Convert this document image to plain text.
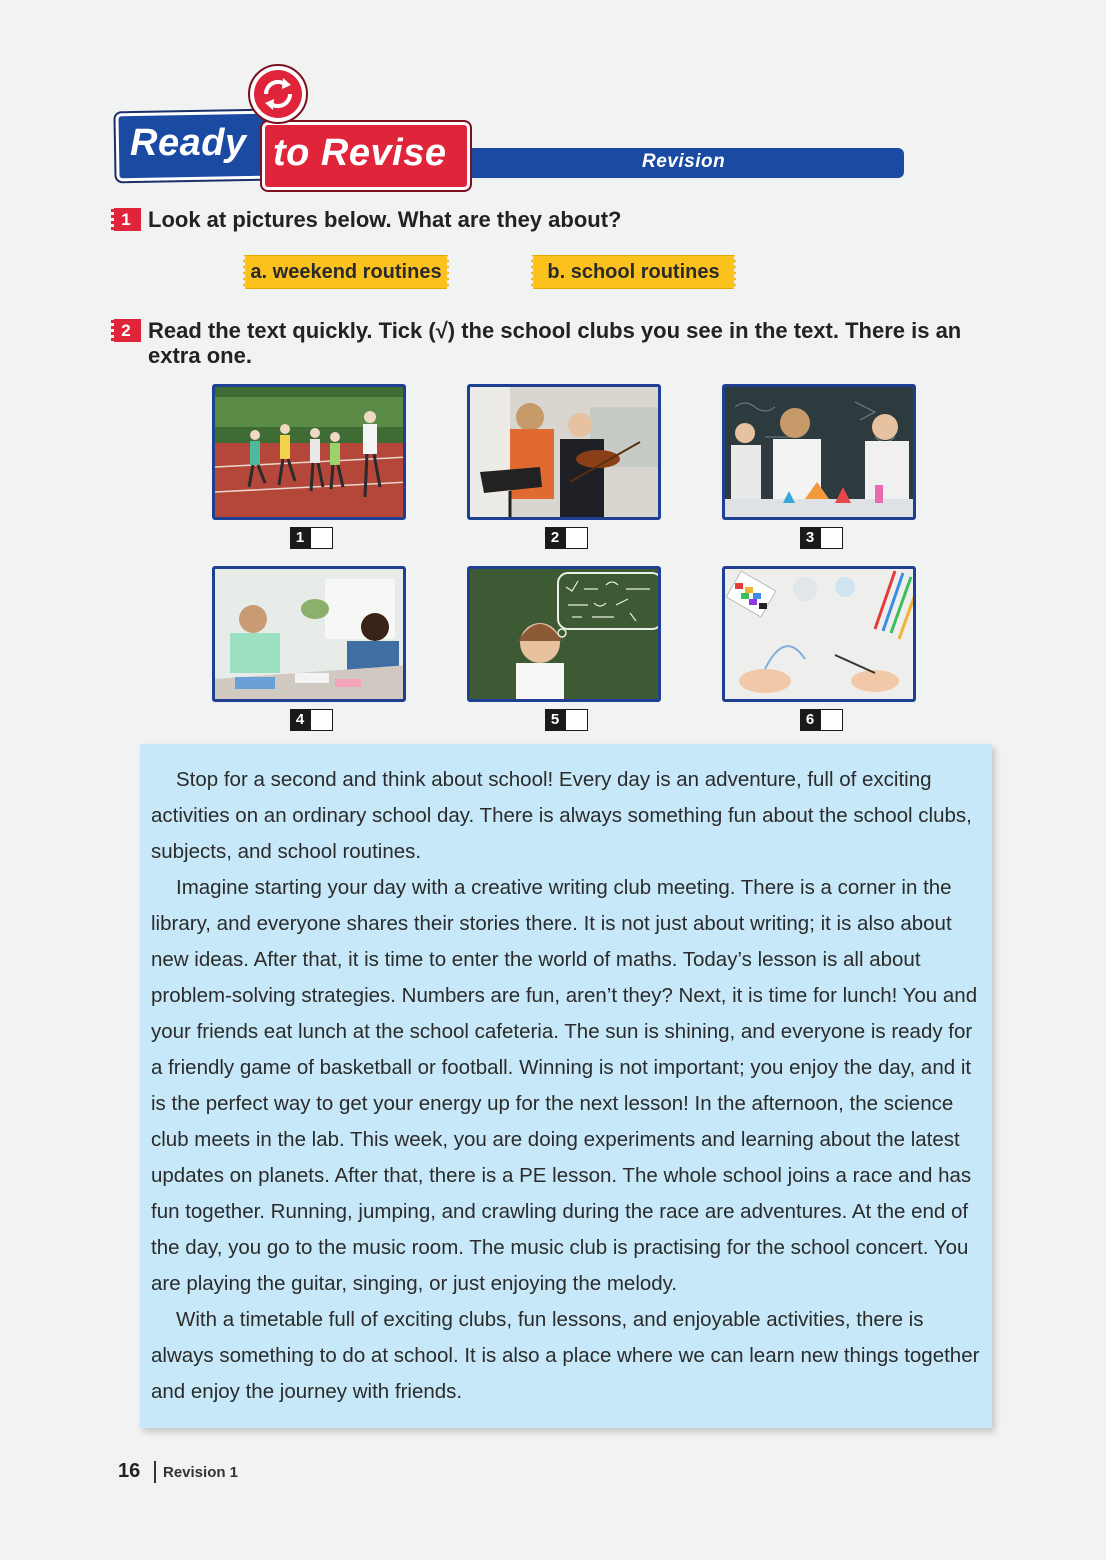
Revision
Ready to Revise
1 Look at pictures below. What are they about?
a. weekend routines	b. school routines
2 Read the text quickly. Tick (√) the school clubs you see in the text. There is an extra one.
1	2	3
4	5	6

Stop for a second and think about school! Every day is an adventure, full of exciting activities on an ordinary school day. There is always something fun about the school clubs, subjects, and school routines.

Imagine starting your day with a creative writing club meeting. There is a corner in the library, and everyone shares their stories there. It is not just about writing; it is also about new ideas. After that, it is time to enter the world of maths. Today’s lesson is all about problem-solving strategies. Numbers are fun, aren’t they? Next, it is time for lunch! You and your friends eat lunch at the school cafeteria. The sun is shining, and everyone is ready for a friendly game of basketball or football. Winning is not important; you enjoy the day, and it is the perfect way to get your energy up for the next lesson! In the afternoon, the science club meets in the lab. This week, you are doing experiments and learning about the latest updates on planets. After that, there is a PE lesson. The whole school joins a race and has fun together. Running, jumping, and crawling during the race are adventures. At the end of the day, you go to the music room. The music club is practising for the school concert. You are playing the guitar, singing, or just enjoying the melody.

With a timetable full of exciting clubs, fun lessons, and enjoyable activities, there is always something to do at school. It is also a place where we can learn new things together and enjoy the journey with friends.

16 Revision 1
